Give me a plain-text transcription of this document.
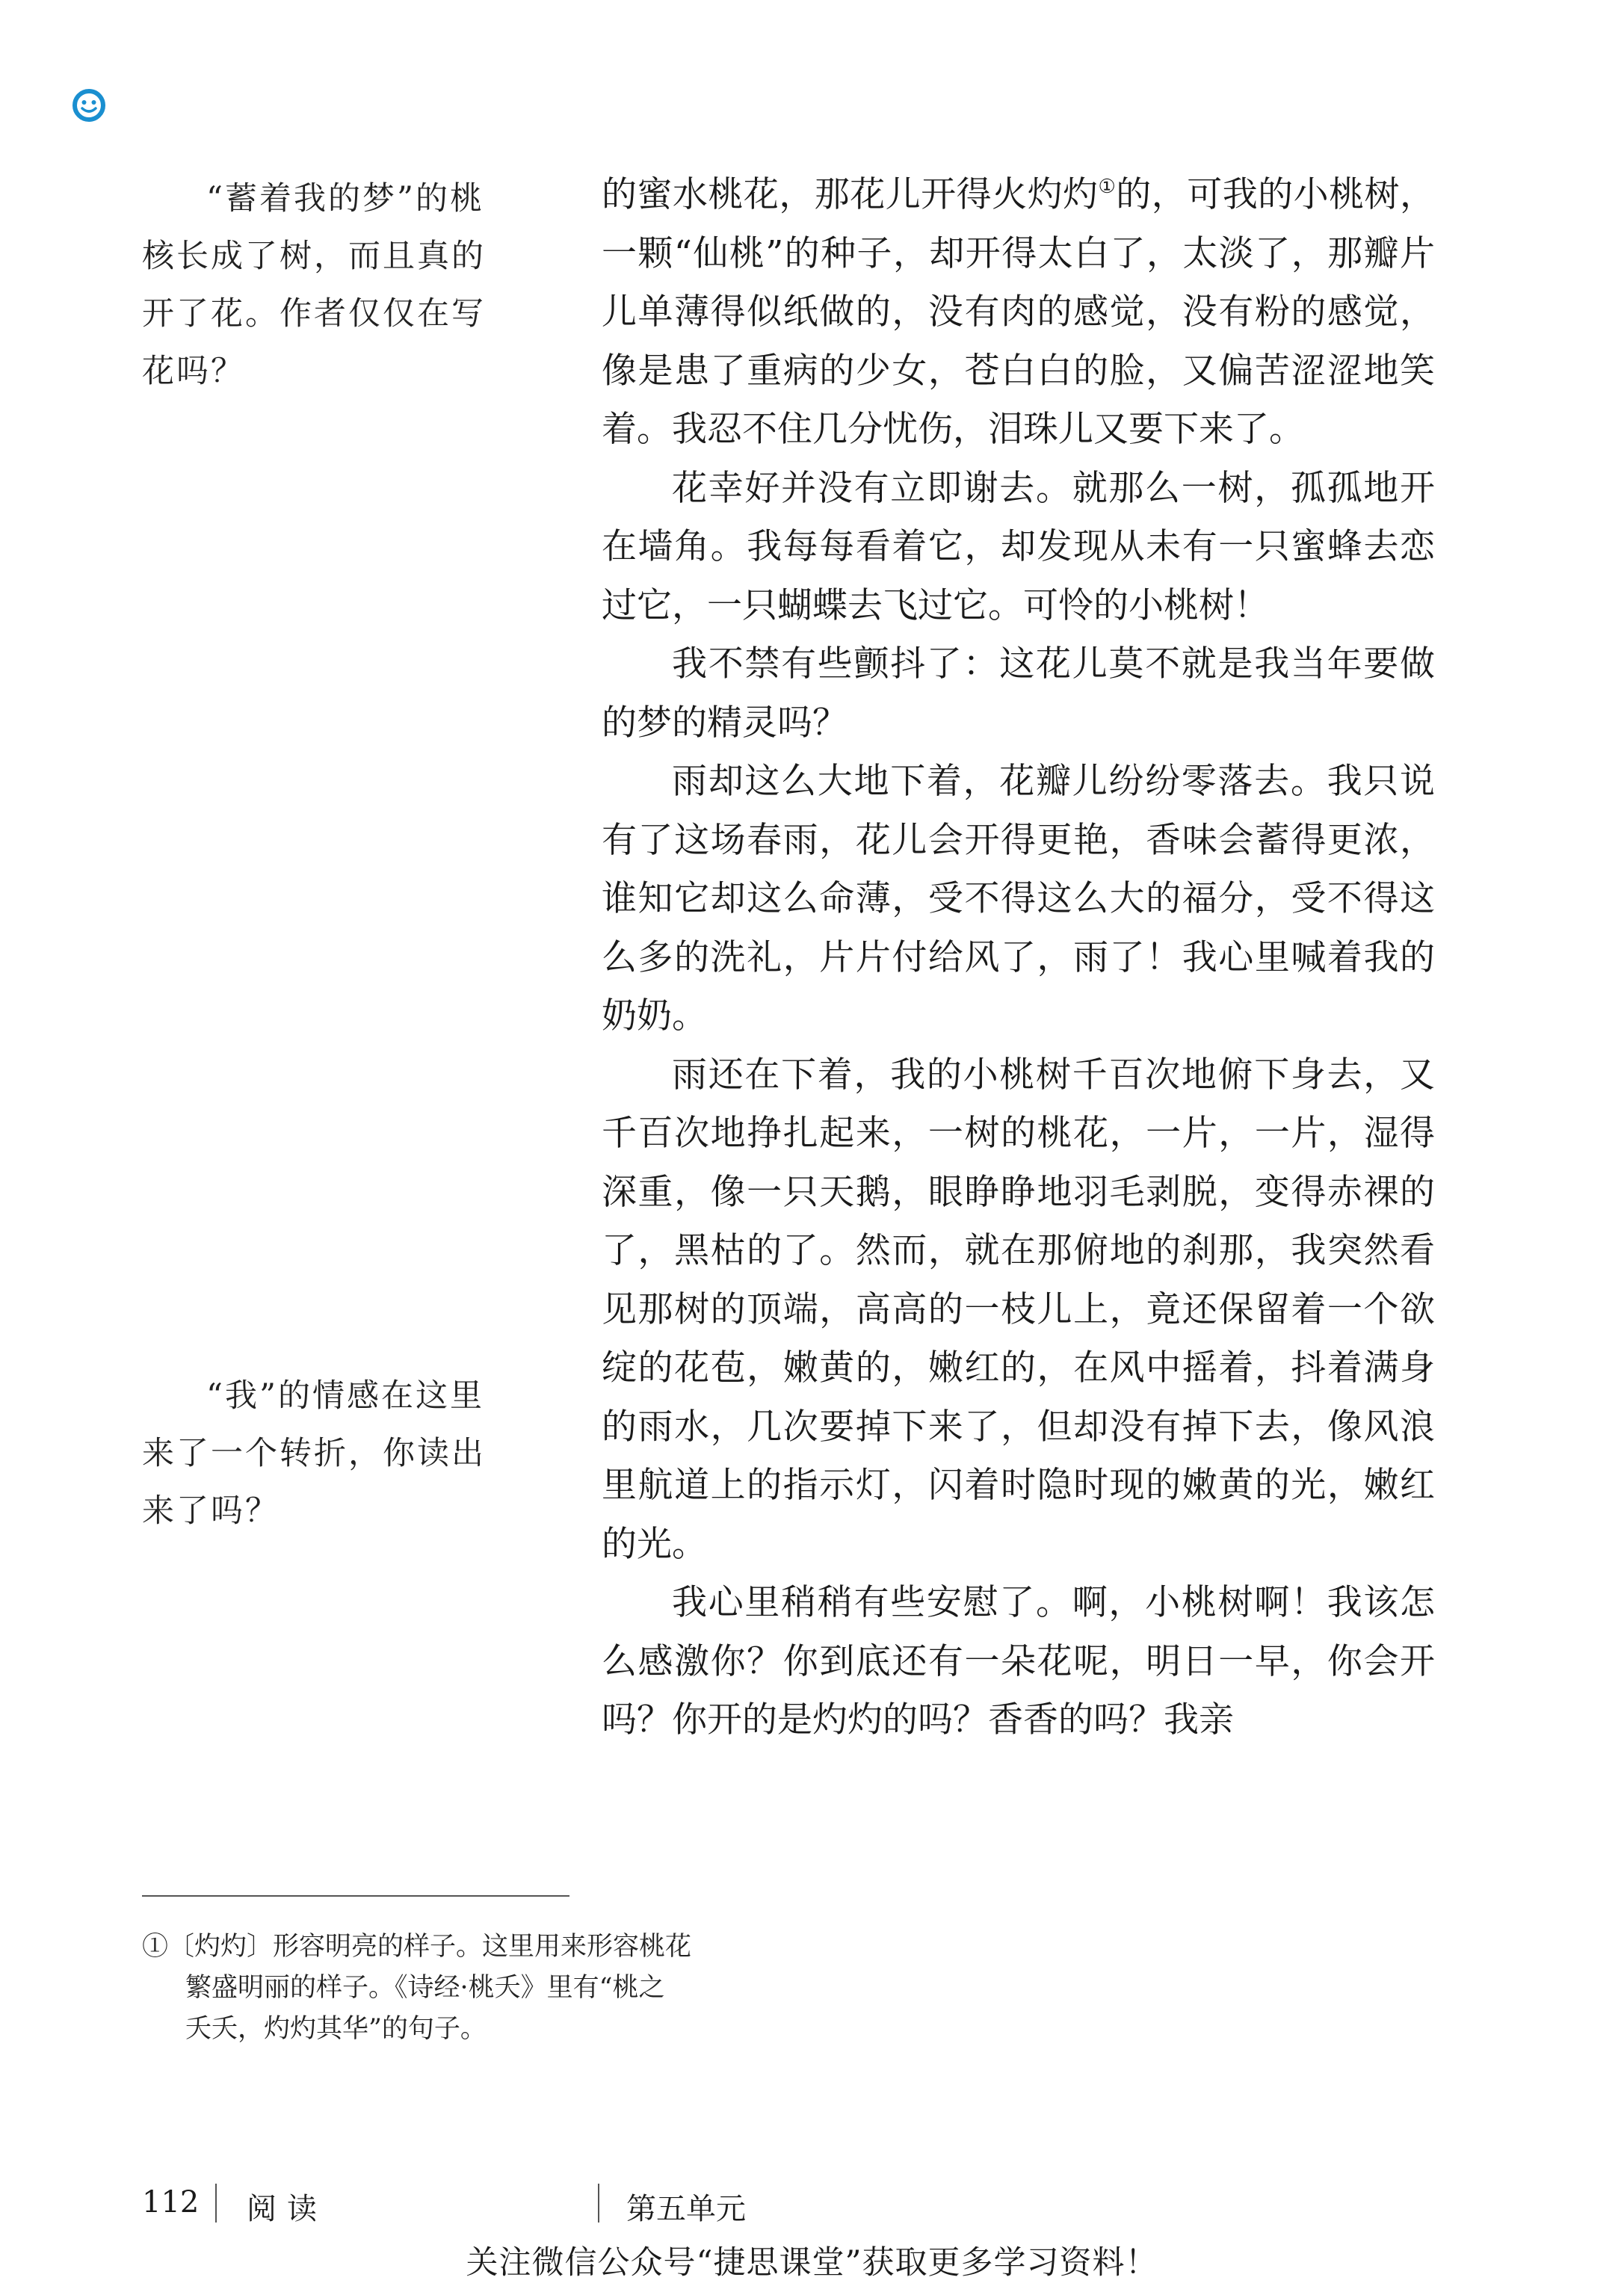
“蓄着我的梦”的桃核长成了树，而且真的开了花。作者仅仅在写花吗？

“我”的情感在这里来了一个转折，你读出来了吗？

的蜜水桃花，那花儿开得火灼灼①的，可我的小桃树，一颗“仙桃”的种子，却开得太白了，太淡了，那瓣片儿单薄得似纸做的，没有肉的感觉，没有粉的感觉，像是患了重病的少女，苍白白的脸，又偏苦涩涩地笑着。我忍不住几分忧伤，泪珠儿又要下来了。

花幸好并没有立即谢去。就那么一树，孤孤地开在墙角。我每每看着它，却发现从未有一只蜜蜂去恋过它，一只蝴蝶去飞过它。可怜的小桃树！

我不禁有些颤抖了：这花儿莫不就是我当年要做的梦的精灵吗？

雨却这么大地下着，花瓣儿纷纷零落去。我只说有了这场春雨，花儿会开得更艳，香味会蓄得更浓，谁知它却这么命薄，受不得这么大的福分，受不得这么多的洗礼，片片付给风了，雨了！我心里喊着我的奶奶。

雨还在下着，我的小桃树千百次地俯下身去，又千百次地挣扎起来，一树的桃花，一片，一片，湿得深重，像一只天鹅，眼睁睁地羽毛剥脱，变得赤裸的了，黑枯的了。然而，就在那俯地的刹那，我突然看见那树的顶端，高高的一枝儿上，竟还保留着一个欲绽的花苞，嫩黄的，嫩红的，在风中摇着，抖着满身的雨水，几次要掉下来了，但却没有掉下去，像风浪里航道上的指示灯，闪着时隐时现的嫩黄的光，嫩红的光。

我心里稍稍有些安慰了。啊，小桃树啊！我该怎么感激你？你到底还有一朵花呢，明日一早，你会开吗？你开的是灼灼的吗？香香的吗？我亲

①〔灼灼〕形容明亮的样子。这里用来形容桃花
繁盛明丽的样子。《诗经·桃夭》里有“桃之
夭夭，灼灼其华”的句子。
112 阅读	第五单元
关注微信公众号“捷思课堂”获取更多学习资料！
